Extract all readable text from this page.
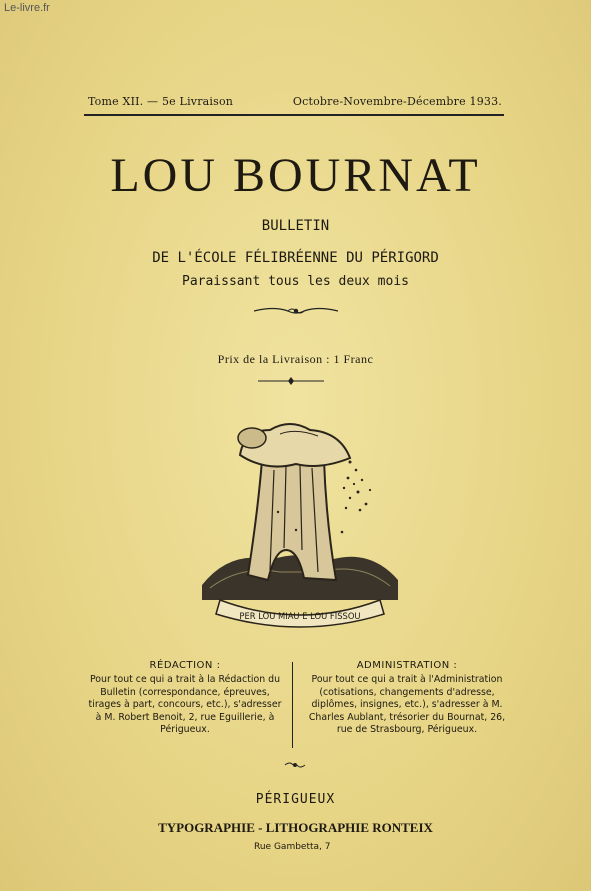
Le-livre.fr
Tome XII. — 5e Livraison	Octobre-Novembre-Décembre 1933.
LOU BOURNAT
BULLETIN
DE L'ÉCOLE FÉLIBRÉENNE DU PÉRIGORD
Paraissant tous les deux mois
Prix de la Livraison : 1 Franc
PER LOU MIAU E LOU FISSOU
RÉDACTION :

Pour tout ce qui a trait à la Rédaction du Bulletin (correspondance, épreuves, tirages à part, concours, etc.), s'adresser à M. Robert Benoit, 2, rue Eguillerie, à Périgueux.

ADMINISTRATION :

Pour tout ce qui a trait à l'Administration (cotisations, changements d'adresse, diplômes, insignes, etc.), s'adresser à M. Charles Aublant, trésorier du Bournat, 26, rue de Strasbourg, Périgueux.

PÉRIGUEUX
TYPOGRAPHIE - LITHOGRAPHIE RONTEIX
Rue Gambetta, 7
